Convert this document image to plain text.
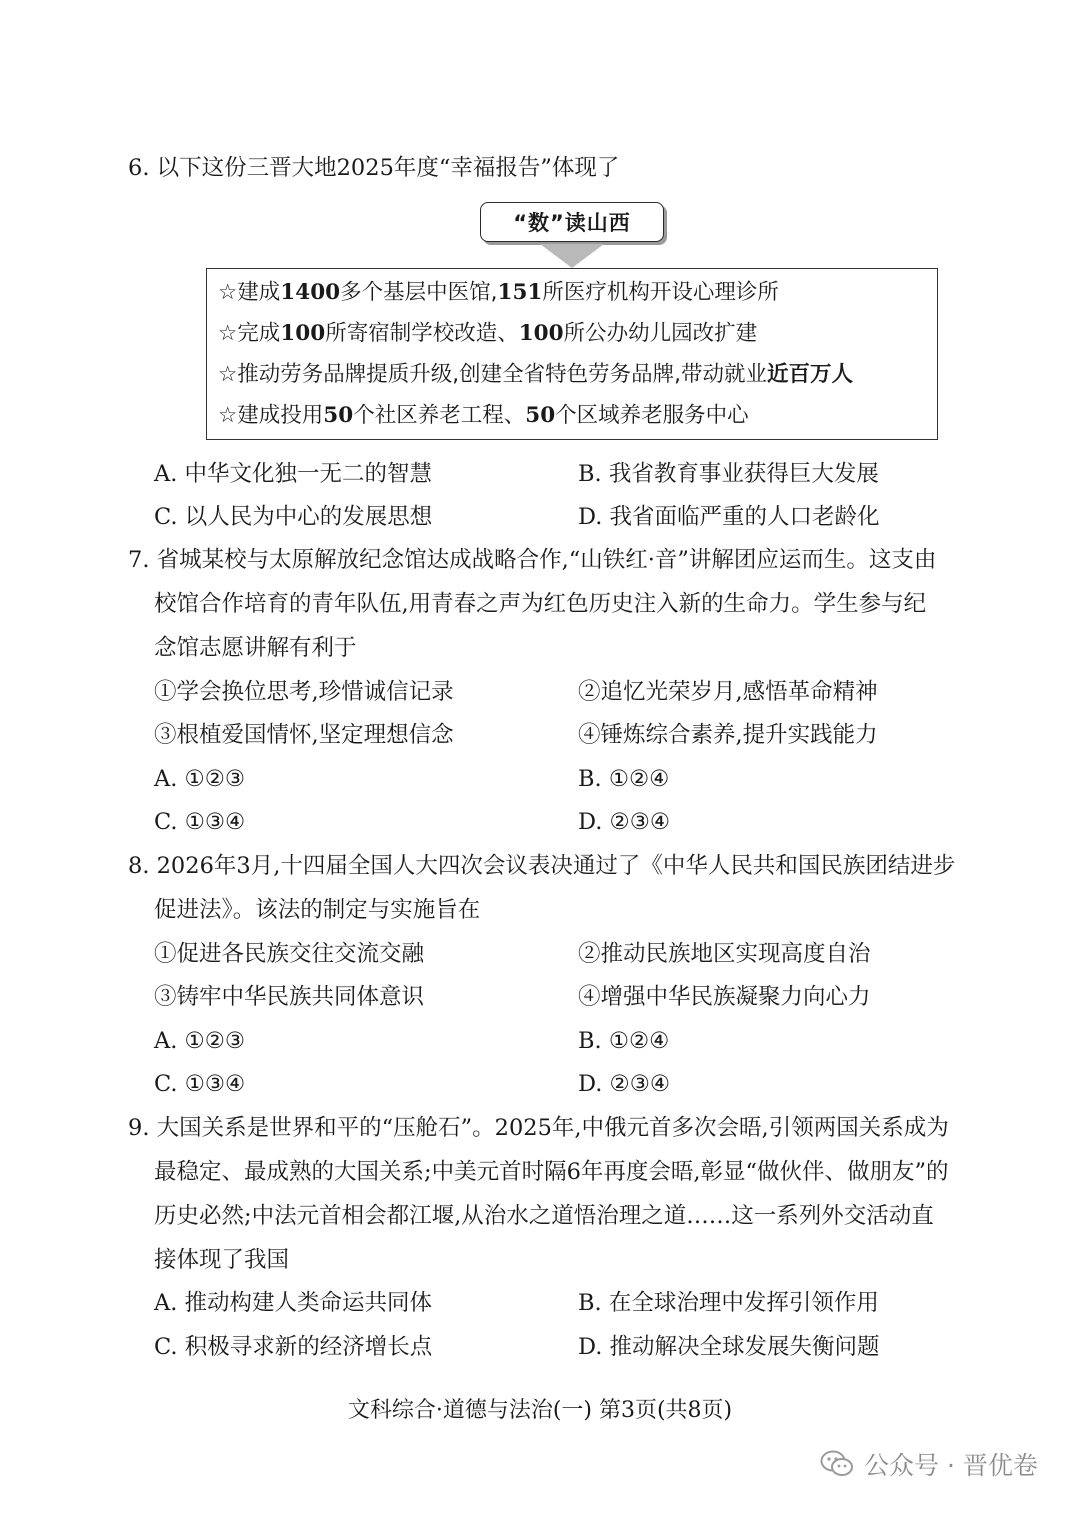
6. 以下这份三晋大地2025年度“幸福报告”体现了
“数”读山西
☆建成1400多个基层中医馆,151所医疗机构开设心理诊所
☆完成100所寄宿制学校改造、100所公办幼儿园改扩建
☆推动劳务品牌提质升级,创建全省特色劳务品牌,带动就业近百万人
☆建成投用50个社区养老工程、50个区域养老服务中心
A. 中华文化独一无二的智慧	B. 我省教育事业获得巨大发展
C. 以人民为中心的发展思想	D. 我省面临严重的人口老龄化
7. 省城某校与太原解放纪念馆达成战略合作,“山铁红·音”讲解团应运而生。这支由
校馆合作培育的青年队伍,用青春之声为红色历史注入新的生命力。学生参与纪
念馆志愿讲解有利于
①学会换位思考,珍惜诚信记录	②追忆光荣岁月,感悟革命精神
③根植爱国情怀,坚定理想信念	④锤炼综合素养,提升实践能力
A. ①②③	B. ①②④
C. ①③④	D. ②③④
8. 2026年3月,十四届全国人大四次会议表决通过了《中华人民共和国民族团结进步
促进法》。该法的制定与实施旨在
①促进各民族交往交流交融	②推动民族地区实现高度自治
③铸牢中华民族共同体意识	④增强中华民族凝聚力向心力
A. ①②③	B. ①②④
C. ①③④	D. ②③④
9. 大国关系是世界和平的“压舱石”。2025年,中俄元首多次会晤,引领两国关系成为
最稳定、最成熟的大国关系;中美元首时隔6年再度会晤,彰显“做伙伴、做朋友”的
历史必然;中法元首相会都江堰,从治水之道悟治理之道……这一系列外交活动直
接体现了我国
A. 推动构建人类命运共同体	B. 在全球治理中发挥引领作用
C. 积极寻求新的经济增长点	D. 推动解决全球发展失衡问题
文科综合·道德与法治(一) 第3页(共8页)
公众号 · 晋优卷
